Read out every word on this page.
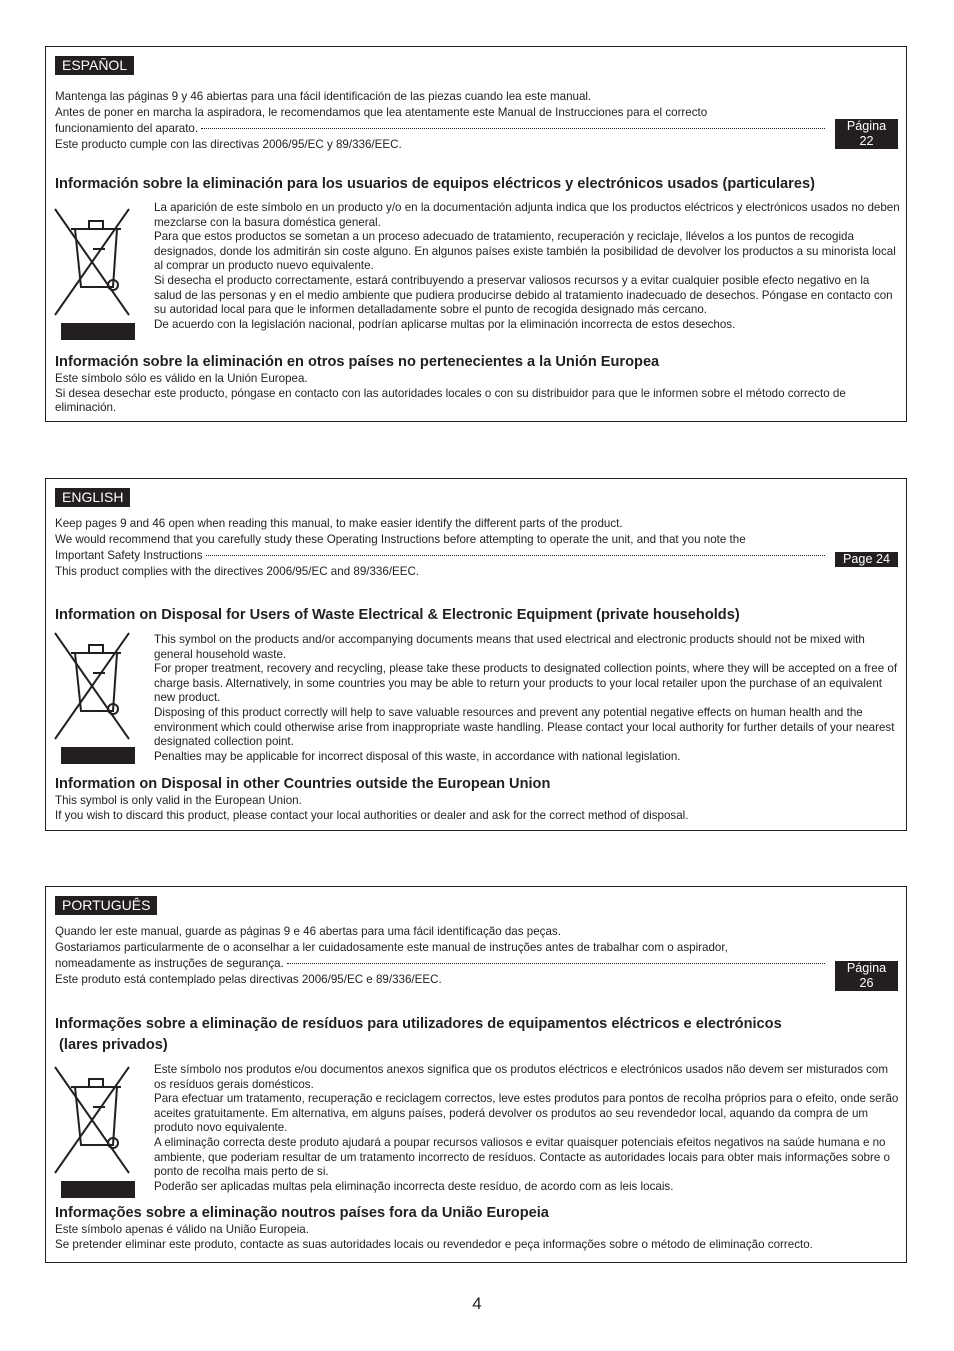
ESPAÑOL

Mantenga las páginas 9 y 46 abiertas para una fácil identificación de las piezas cuando lea este manual.

Antes de poner en marcha la aspiradora, le recomendamos que lea atentamente este Manual de Instrucciones para el correcto

funcionamiento del aparato.

Este producto cumple con las directivas 2006/95/EC y 89/336/EEC.

Página 22
Información sobre la eliminación para los usuarios de equipos eléctricos y electrónicos usados (particulares)

La aparición de este símbolo en un producto y/o en la documentación adjunta indica que los productos eléctricos y electrónicos usados no deben mezclarse con la basura doméstica general.

Para que estos productos se sometan a un proceso adecuado de tratamiento, recuperación y reciclaje, llévelos a los puntos de recogida designados, donde los admitirán sin coste alguno. En algunos países existe también la posibilidad de devolver los productos a su minorista local al comprar un producto nuevo equivalente.

Si desecha el producto correctamente, estará contribuyendo a preservar valiosos recursos y a evitar cualquier posible efecto negativo en la salud de las personas y en el medio ambiente que pudiera producirse debido al tratamiento inadecuado de desechos. Póngase en contacto con su autoridad local para que le informen detalladamente sobre el punto de recogida designado más cercano.

De acuerdo con la legislación nacional, podrían aplicarse multas por la eliminación incorrecta de estos desechos.

Información sobre la eliminación en otros países no pertenecientes a la Unión Europea

Este símbolo sólo es válido en la Unión Europea.

Si desea desechar este producto, póngase en contacto con las autoridades locales o con su distribuidor para que le informen sobre el método correcto de eliminación.

ENGLISH

Keep pages 9 and 46 open when reading this manual, to make easier identify the different parts of the product.

We would recommend that you carefully study these Operating Instructions before attempting to operate the unit, and that you note the

Important Safety Instructions

This product complies with the directives 2006/95/EC and 89/336/EEC.

Page 24
Information on Disposal for Users of Waste Electrical & Electronic Equipment (private households)

This symbol on the products and/or accompanying documents means that used electrical and electronic products should not be mixed with general household waste.

For proper treatment, recovery and recycling, please take these products to designated collection points, where they will be accepted on a free of charge basis. Alternatively, in some countries you may be able to return your products to your local retailer upon the purchase of an equivalent new product.

Disposing of this product correctly will help to save valuable resources and prevent any potential negative effects on human health and the environment which could otherwise arise from inappropriate waste handling. Please contact your local authority for further details of your nearest designated collection point.

Penalties may be applicable for incorrect disposal of this waste, in accordance with national legislation.

Information on Disposal in other Countries outside the European Union

This symbol is only valid in the European Union.

If you wish to discard this product, please contact your local authorities or dealer and ask for the correct method of disposal.

PORTUGUÊS

Quando ler este manual, guarde as páginas 9 e 46 abertas para uma fácil identificação das peças.

Gostariamos particularmente de o aconselhar a ler cuidadosamente este manual de instruções antes de trabalhar com o aspirador,

nomeadamente as instruções de segurança.

Este produto está contemplado pelas directivas 2006/95/EC e 89/336/EEC.

Página 26
Informações sobre a eliminação de resíduos para utilizadores de equipamentos eléctricos e electrónicos
(lares privados)

Este símbolo nos produtos e/ou documentos anexos significa que os produtos eléctricos e electrónicos usados não devem ser misturados com os resíduos gerais domésticos.

Para efectuar um tratamento, recuperação e reciclagem correctos, leve estes produtos para pontos de recolha próprios para o efeito, onde serão aceites gratuitamente. Em alternativa, em alguns países, poderá devolver os produtos ao seu revendedor local, aquando da compra de um produto novo equivalente.

A eliminação correcta deste produto ajudará a poupar recursos valiosos e evitar quaisquer potenciais efeitos negativos na saúde humana e no ambiente, que poderiam resultar de um tratamento incorrecto de resíduos. Contacte as autoridades locais para obter mais informações sobre o ponto de recolha mais perto de si.

Poderão ser aplicadas multas pela eliminação incorrecta deste resíduo, de acordo com as leis locais.

Informações sobre a eliminação noutros países fora da União Europeia

Este símbolo apenas é válido na União Europeia.

Se pretender eliminar este produto, contacte as suas autoridades locais ou revendedor e peça informações sobre o método de eliminação correcto.

4
